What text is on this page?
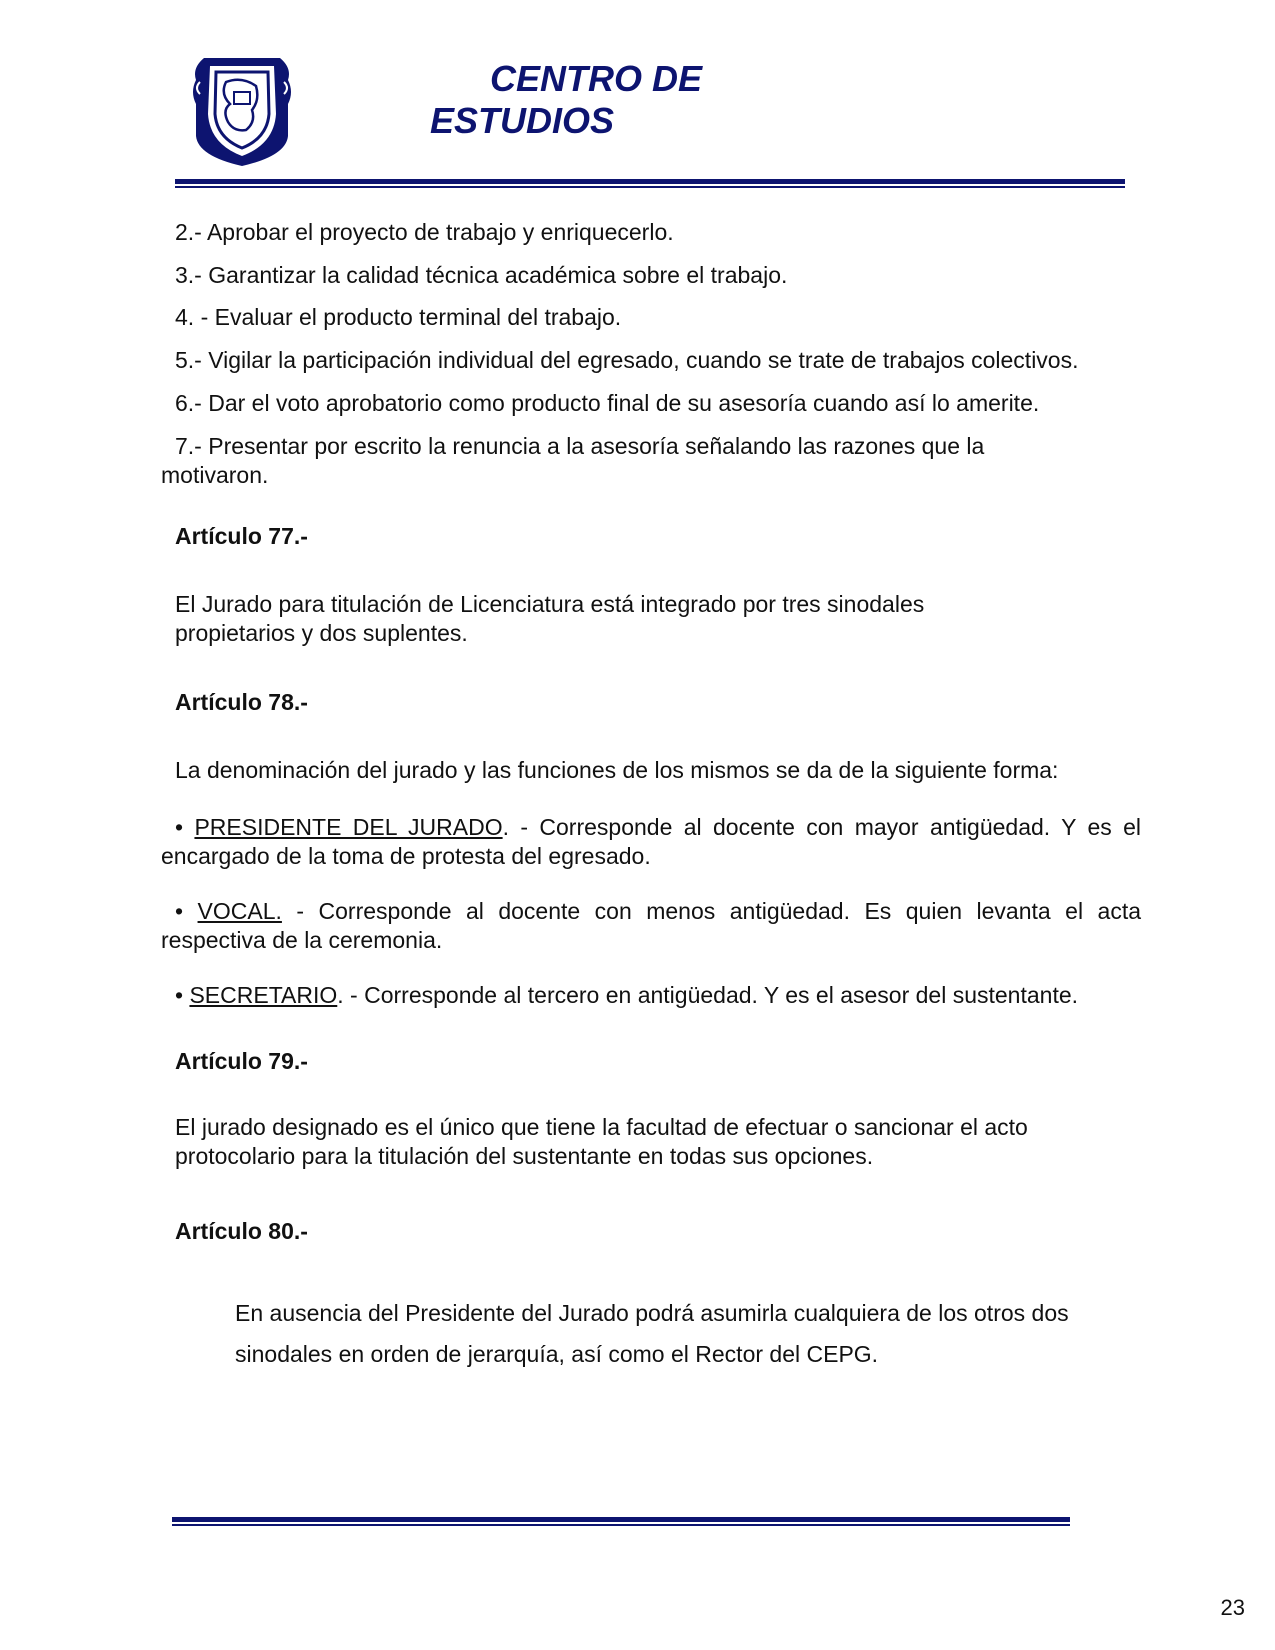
CENTRO DE
ESTUDIOS
2.- Aprobar el proyecto de trabajo y enriquecerlo.
3.- Garantizar la calidad técnica académica sobre el trabajo.
4. - Evaluar el producto terminal del trabajo.
5.- Vigilar la participación individual del egresado, cuando se trate de trabajos colectivos.
6.- Dar el voto aprobatorio como producto final de su asesoría cuando así lo amerite.
7.- Presentar por escrito la renuncia a la asesoría señalando las razones que la motivaron.
Artículo 77.-
El Jurado para titulación de Licenciatura está integrado por tres sinodales propietarios y dos suplentes.
Artículo 78.-
La denominación del jurado y las funciones de los mismos se da de la siguiente forma:
• PRESIDENTE DEL JURADO. - Corresponde al docente con mayor antigüedad. Y es el encargado de la toma de protesta del egresado.
• VOCAL. - Corresponde al docente con menos antigüedad. Es quien levanta el acta respectiva de la ceremonia.
• SECRETARIO. - Corresponde al tercero en antigüedad. Y es el asesor del sustentante.
Artículo 79.-
El jurado designado es el único que tiene la facultad de efectuar o sancionar el acto protocolario para la titulación del sustentante en todas sus opciones.
Artículo 80.-
En ausencia del Presidente del Jurado podrá asumirla cualquiera de los otros dos sinodales en orden de jerarquía, así como el Rector del CEPG.
23
